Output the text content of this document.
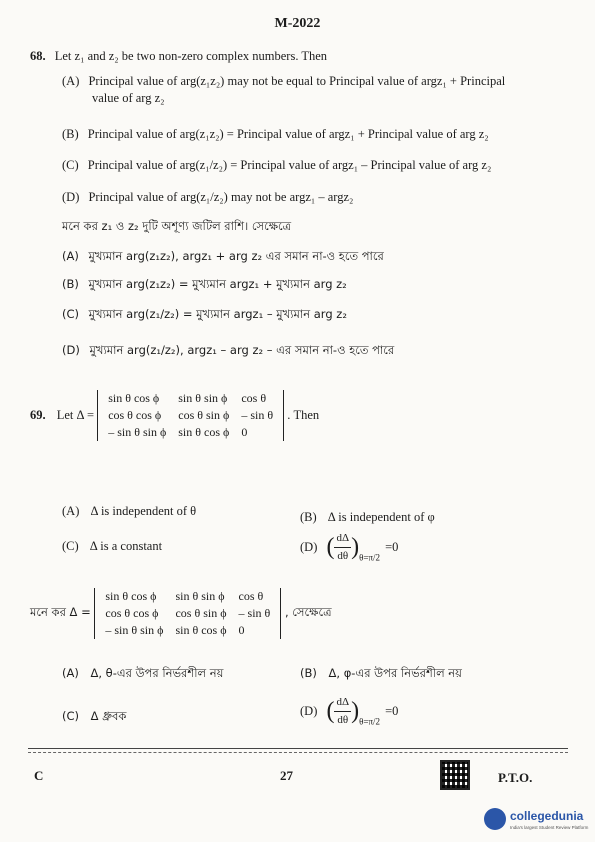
M-2022
68. Let z₁ and z₂ be two non-zero complex numbers. Then
(A) Principal value of arg(z₁z₂) may not be equal to Principal value of argz₁ + Principal
value of arg z₂
(B) Principal value of arg(z₁z₂) = Principal value of argz₁ + Principal value of arg z₂
(C) Principal value of arg(z₁/z₂) = Principal value of argz₁ – Principal value of arg z₂
(D) Principal value of arg(z₁/z₂) may not be argz₁ – argz₂
মনে কর z₁ ও z₂ দুটি অশূণ্য জটিল রাশি। সেক্ষেত্রে
(A) মুখ্যমান arg(z₁z₂), argz₁ + arg z₂ এর সমান না-ও হতে পারে
(B) মুখ্যমান arg(z₁z₂) = মুখ্যমান argz₁ + মুখ্যমান arg z₂
(C) মুখ্যমান arg(z₁/z₂) = মুখ্যমান argz₁ – মুখ্যমান arg z₂
(D) মুখ্যমান arg(z₁/z₂), argz₁ – arg z₂ – এর সমান না-ও হতে পারে
69. Let Δ =
sin θ cos ϕ	sin θ sin ϕ	cos θ
cos θ cos ϕ	cos θ sin ϕ	– sin θ
– sin θ sin ϕ	sin θ cos ϕ	0
. Then
(A) Δ is independent of θ	(B) Δ is independent of φ
(C) Δ is a constant	(D) ( $\frac{d\Delta}{d\theta} )_{\theta=\pi/2} =0$
মনে কর Δ =
sin θ cos ϕ	sin θ sin ϕ	cos θ
cos θ cos ϕ	cos θ sin ϕ	– sin θ
– sin θ sin ϕ	sin θ cos ϕ	0
, সেক্ষেত্রে
(A) Δ, θ-এর উপর নির্ভরশীল নয়	(B) Δ, φ-এর উপর নির্ভরশীল নয়
(C) Δ ধ্রুবক	(D) ( $\frac{d\Delta}{d\theta} )_{\theta=\pi/2} =0$
C	27	P.T.O.
collegedunia
India's largest Student Review Platform
